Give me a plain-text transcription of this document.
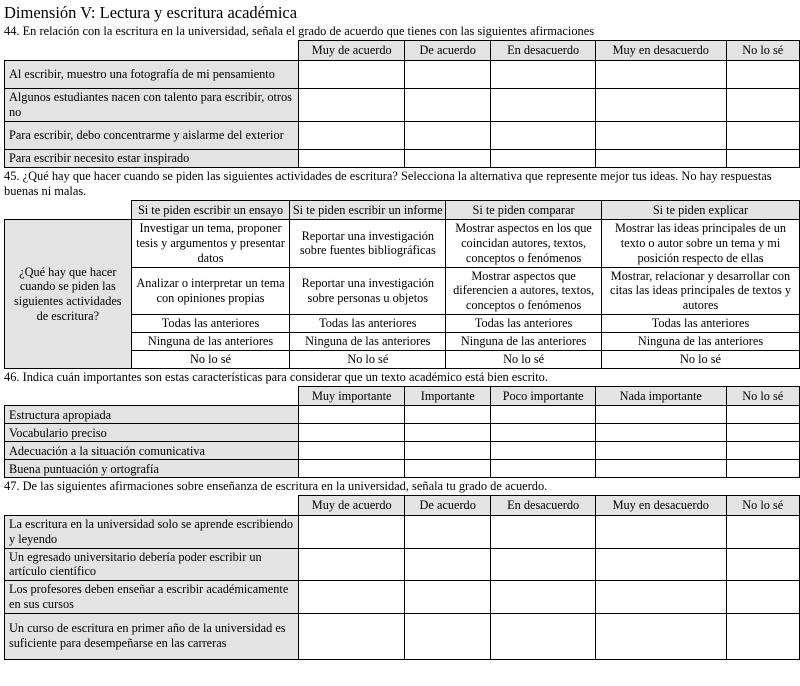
Dimensión V: Lectura y escritura académica
44. En relación con la escritura en la universidad, señala el grado de acuerdo que tienes con las siguientes afirmaciones
	Muy de acuerdo	De acuerdo	En desacuerdo	Muy en desacuerdo	No lo sé
Al escribir, muestro una fotografía de mi pensamiento					
Algunos estudiantes nacen con talento para escribir, otros no					
Para escribir, debo concentrarme y aislarme del exterior					
Para escribir necesito estar inspirado					
45. ¿Qué hay que hacer cuando se piden las siguientes actividades de escritura? Selecciona la alternativa que represente mejor tus ideas. No hay respuestas buenas ni malas.
	Si te piden escribir un ensayo	Si te piden escribir un informe	Si te piden comparar	Si te piden explicar
¿Qué hay que hacer cuando se piden las siguientes actividades de escritura?	Investigar un tema, proponer tesis y argumentos y presentar datos	Reportar una investigación sobre fuentes bibliográficas	Mostrar aspectos en los que coincidan autores, textos, conceptos o fenómenos	Mostrar las ideas principales de un texto o autor sobre un tema y mi posición respecto de ellas
	Analizar o interpretar un tema con opiniones propias	Reportar una investigación sobre personas u objetos	Mostrar aspectos que diferencien a autores, textos, conceptos o fenómenos	Mostrar, relacionar y desarrollar con citas las ideas principales de textos y autores
	Todas las anteriores	Todas las anteriores	Todas las anteriores	Todas las anteriores
	Ninguna de las anteriores	Ninguna de las anteriores	Ninguna de las anteriores	Ninguna de las anteriores
	No lo sé	No lo sé	No lo sé	No lo sé
46. Indica cuán importantes son estas características para considerar que un texto académico está bien escrito.
	Muy importante	Importante	Poco importante	Nada importante	No lo sé
Estructura apropiada					
Vocabulario preciso					
Adecuación a la situación comunicativa					
Buena puntuación y ortografía					
47. De las siguientes afirmaciones sobre enseñanza de escritura en la universidad, señala tu grado de acuerdo.
	Muy de acuerdo	De acuerdo	En desacuerdo	Muy en desacuerdo	No lo sé
La escritura en la universidad solo se aprende escribiendo y leyendo					
Un egresado universitario debería poder escribir un artículo científico					
Los profesores deben enseñar a escribir académicamente en sus cursos					
Un curso de escritura en primer año de la universidad es suficiente para desempeñarse en las carreras					
